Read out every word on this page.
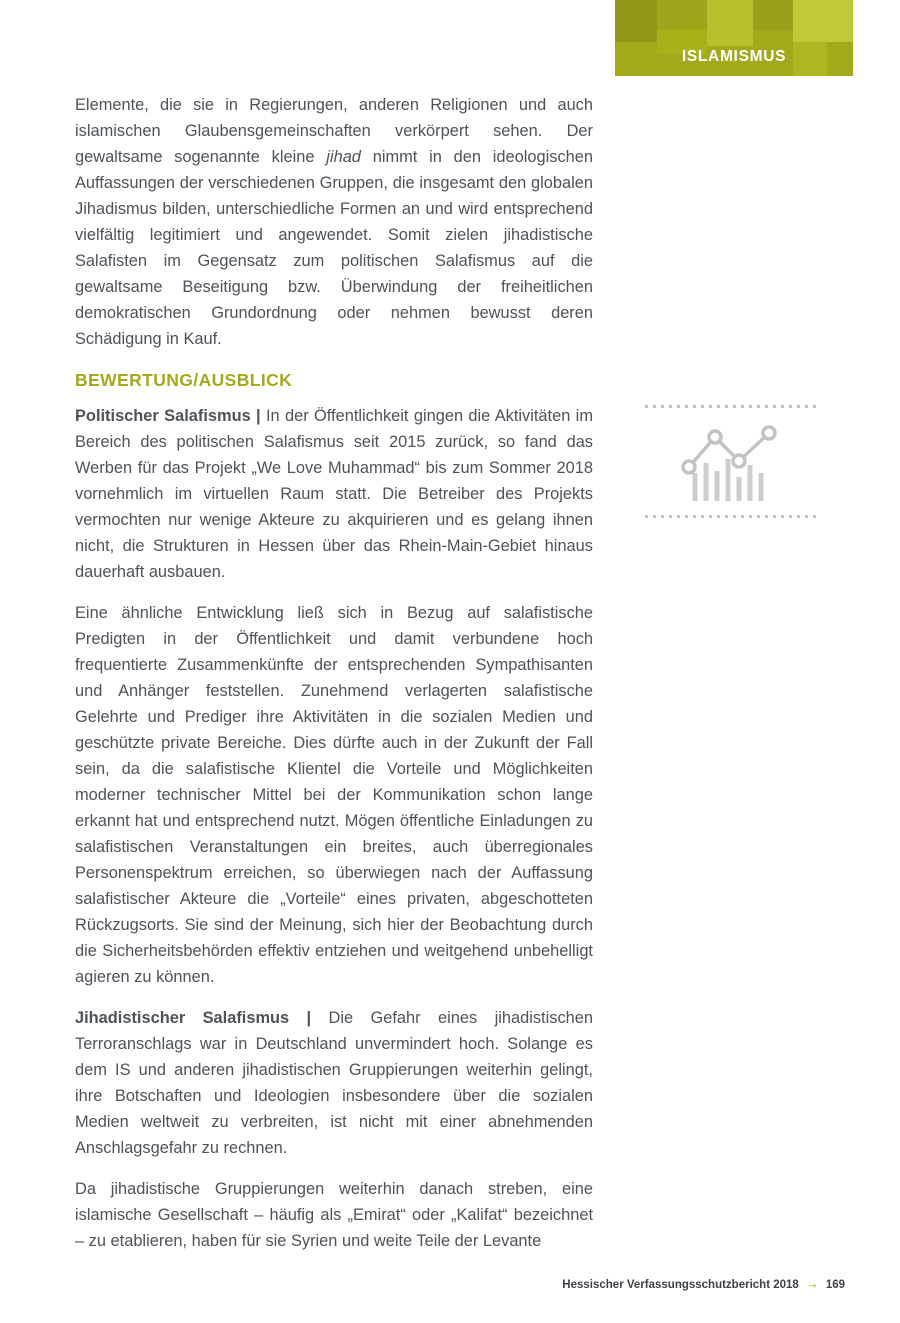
ISLAMISMUS

Elemente, die sie in Regierungen, anderen Religionen und auch islamischen Glaubensgemeinschaften verkörpert sehen. Der gewaltsame sogenannte kleine jihad nimmt in den ideologischen Auffassungen der verschiedenen Gruppen, die insgesamt den globalen Jihadismus bilden, unterschiedliche Formen an und wird entsprechend vielfältig legitimiert und angewendet. Somit zielen jihadistische Salafisten im Gegensatz zum politischen Salafismus auf die gewaltsame Beseitigung bzw. Überwindung der freiheitlichen demokratischen Grundordnung oder nehmen bewusst deren Schädigung in Kauf.

BEWERTUNG/AUSBLICK

Politischer Salafismus | In der Öffentlichkeit gingen die Aktivitäten im Bereich des politischen Salafismus seit 2015 zurück, so fand das Werben für das Projekt „We Love Muhammad“ bis zum Sommer 2018 vornehmlich im virtuellen Raum statt. Die Betreiber des Projekts vermochten nur wenige Akteure zu akquirieren und es gelang ihnen nicht, die Strukturen in Hessen über das Rhein-Main-Gebiet hinaus dauerhaft ausbauen.

Eine ähnliche Entwicklung ließ sich in Bezug auf salafistische Predigten in der Öffentlichkeit und damit verbundene hoch frequentierte Zusammenkünfte der entsprechenden Sympathisanten und Anhänger feststellen. Zunehmend verlagerten salafistische Gelehrte und Prediger ihre Aktivitäten in die sozialen Medien und geschützte private Bereiche. Dies dürfte auch in der Zukunft der Fall sein, da die salafistische Klientel die Vorteile und Möglichkeiten moderner technischer Mittel bei der Kommunikation schon lange erkannt hat und entsprechend nutzt. Mögen öffentliche Einladungen zu salafistischen Veranstaltungen ein breites, auch überregionales Personenspektrum erreichen, so überwiegen nach der Auffassung salafistischer Akteure die „Vorteile“ eines privaten, abgeschotteten Rückzugsorts. Sie sind der Meinung, sich hier der Beobachtung durch die Sicherheitsbehörden effektiv entziehen und weitgehend unbehelligt agieren zu können.

Jihadistischer Salafismus | Die Gefahr eines jihadistischen Terroranschlags war in Deutschland unvermindert hoch. Solange es dem IS und anderen jihadistischen Gruppierungen weiterhin gelingt, ihre Botschaften und Ideologien insbesondere über die sozialen Medien weltweit zu verbreiten, ist nicht mit einer abnehmenden Anschlagsgefahr zu rechnen.

Da jihadistische Gruppierungen weiterhin danach streben, eine islamische Gesellschaft – häufig als „Emirat“ oder „Kalifat“ bezeichnet – zu etablieren, haben für sie Syrien und weite Teile der Levante

Hessischer Verfassungsschutzbericht 2018 → 169
